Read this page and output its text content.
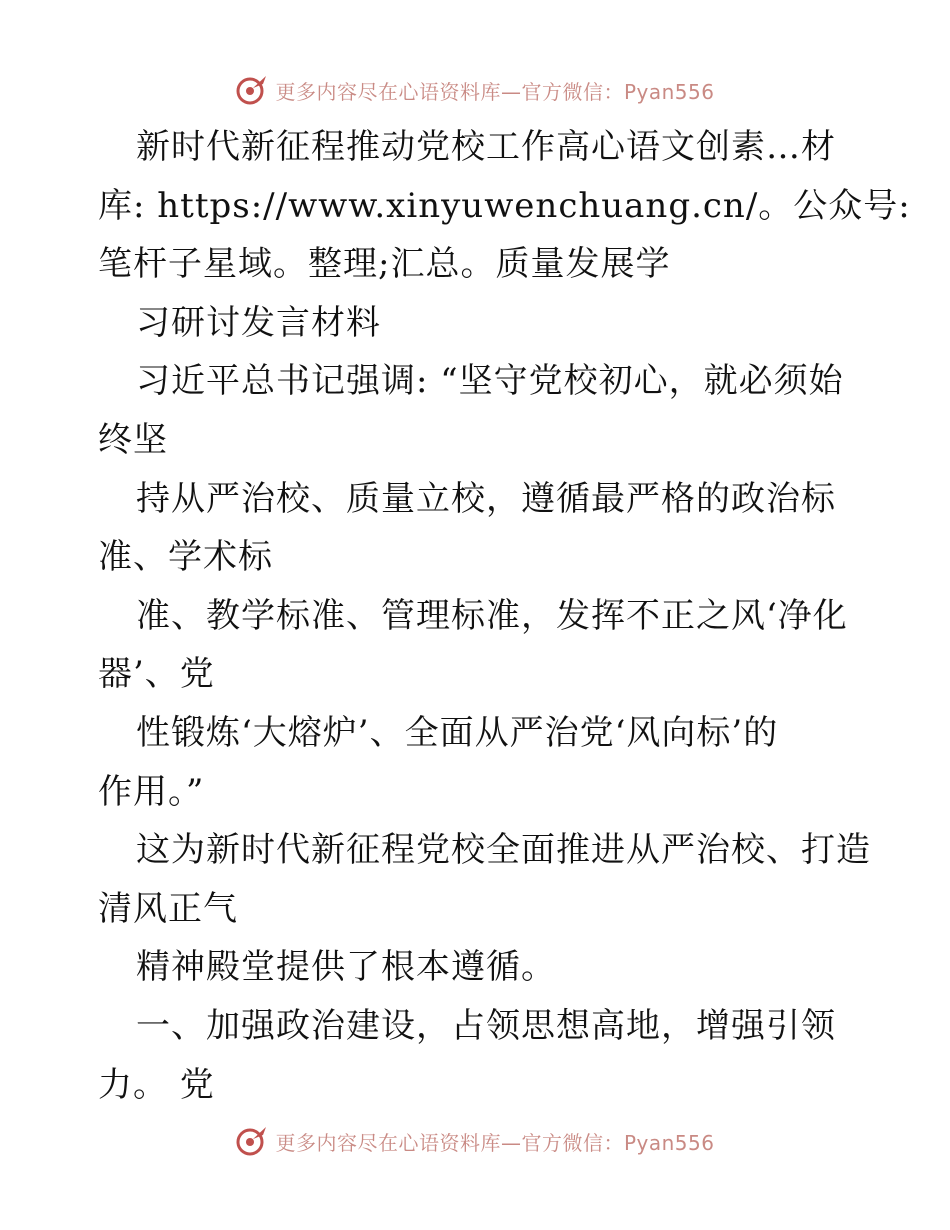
更多内容尽在心语资料库—官方微信：Pyan556
新时代新征程推动党校工作高心语文创素…材
库: https://www.xinyuwenchuang.cn/。公众号:
笔杆子星域。整理;汇总。质量发展学
习研讨发言材料
习近平总书记强调: “坚守党校初心，就必须始
终坚
持从严治校、质量立校，遵循最严格的政治标
准、学术标
准、教学标准、管理标准，发挥不正之风‘净化
器’、党
性锻炼‘大熔炉’、全面从严治党‘风向标’的
作用。”
这为新时代新征程党校全面推进从严治校、打造
清风正气
精神殿堂提供了根本遵循。
一、加强政治建设，占领思想高地，增强引领
力。 党
更多内容尽在心语资料库—官方微信：Pyan556
